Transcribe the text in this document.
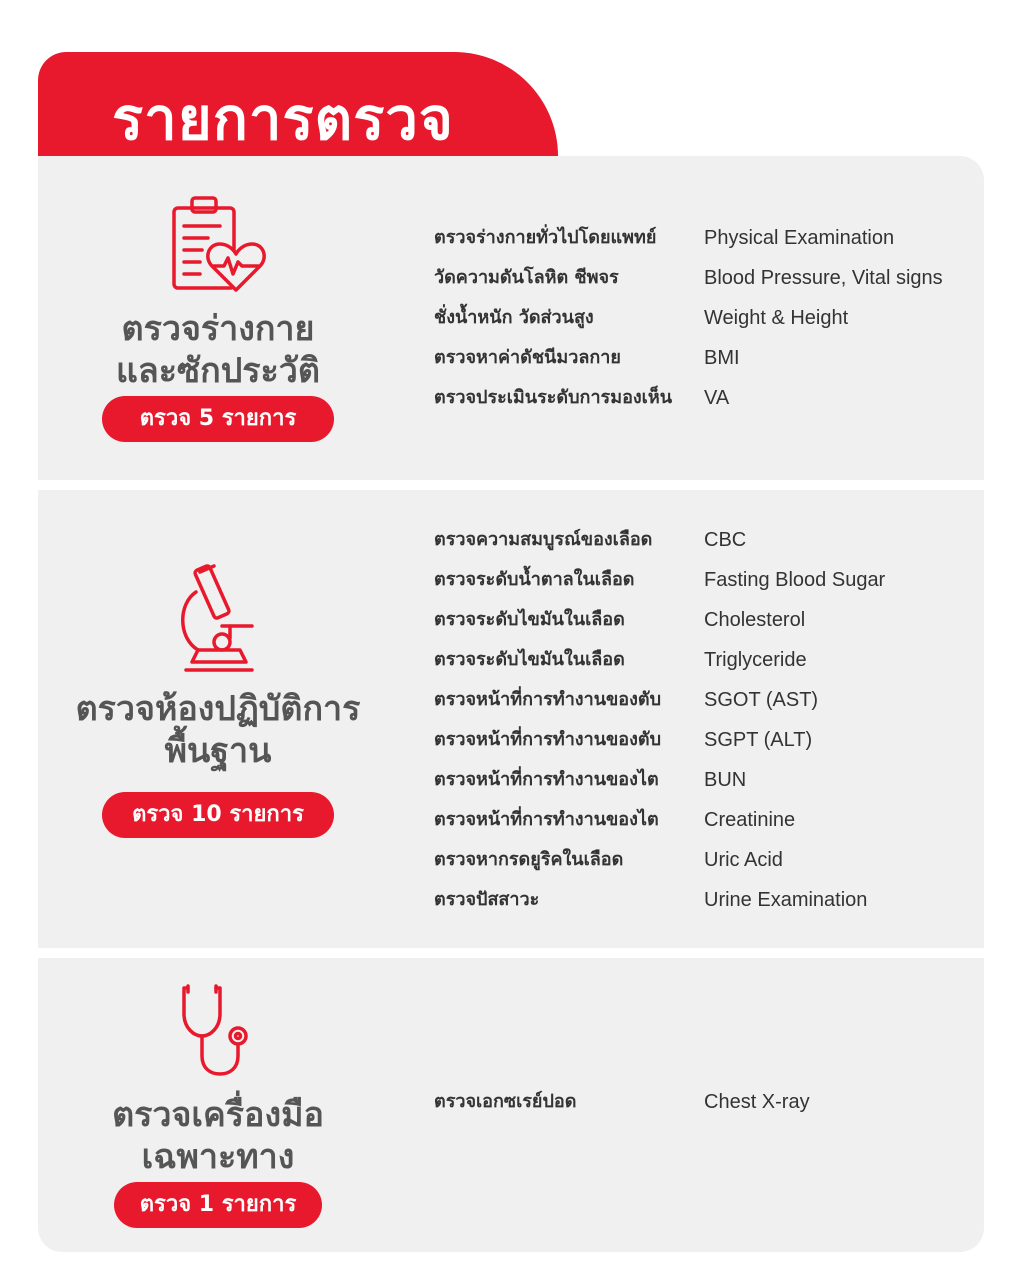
รายการตรวจ
ตรวจร่างกาย
และซักประวัติ
ตรวจ 5 รายการ
ตรวจร่างกายทั่วไปโดยแพทย์ Physical Examination
วัดความดันโลหิต ชีพจร	Blood Pressure, Vital signs
ชั่งน้ำหนัก วัดส่วนสูง	Weight & Height
ตรวจหาค่าดัชนีมวลกาย	BMI
ตรวจประเมินระดับการมองเห็น VA
ตรวจห้องปฏิบัติการ
พื้นฐาน
ตรวจ 10 รายการ
ตรวจความสมบูรณ์ของเลือด	CBC
ตรวจระดับน้ำตาลในเลือด	Fasting Blood Sugar
ตรวจระดับไขมันในเลือด	Cholesterol
ตรวจระดับไขมันในเลือด	Triglyceride
ตรวจหน้าที่การทำงานของตับ SGOT (AST)
ตรวจหน้าที่การทำงานของตับ SGPT (ALT)
ตรวจหน้าที่การทำงานของไต BUN
ตรวจหน้าที่การทำงานของไต Creatinine
ตรวจหากรดยูริคในเลือด	Uric Acid
ตรวจปัสสาวะ	Urine Examination
ตรวจเครื่องมือ
เฉพาะทาง
ตรวจ 1 รายการ
ตรวจเอกซเรย์ปอด	Chest X-ray
